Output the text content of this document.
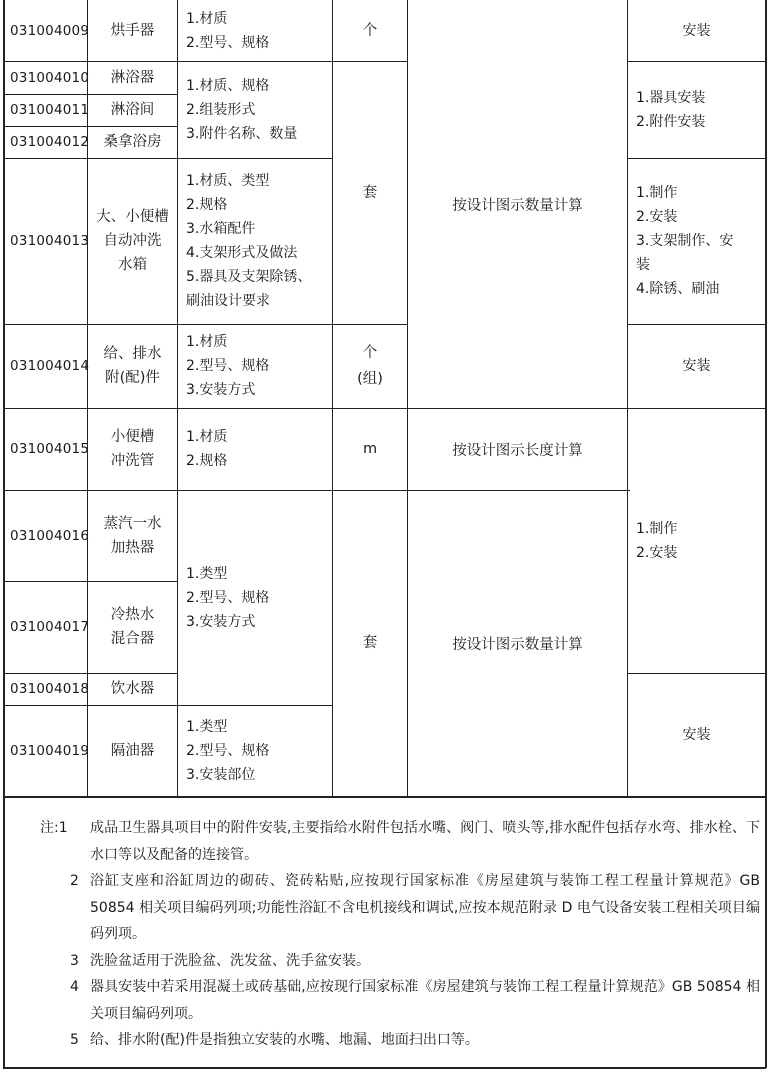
031004009
031004010
031004011
031004012
031004013
031004014
031004015
031004016
031004017
031004018
031004019
烘手器
淋浴器
淋浴间
桑拿浴房
大、小便槽
自动冲洗
水箱
给、排水
附(配)件
小便槽
冲洗管
蒸汽一水
加热器
冷热水
混合器
饮水器
隔油器
1.材质
2.型号、规格
1.材质、规格
2.组装形式
3.附件名称、数量
1.材质、类型
2.规格
3.水箱配件
4.支架形式及做法
5.器具及支架除锈、
刷油设计要求
1.材质
2.型号、规格
3.安装方式
1.材质
2.规格
1.类型
2.型号、规格
3.安装方式
1.类型
2.型号、规格
3.安装部位
个
套
个
(组)
m
套
按设计图示数量计算
按设计图示长度计算
按设计图示数量计算
安装
1.器具安装
2.附件安装
1.制作
2.安装
3.支架制作、安
装
4.除锈、刷油
安装
1.制作
2.安装
安装
注:1	成品卫生器具项目中的附件安装,主要指给水附件包括水嘴、阀门、喷头等,排水配件包括存水弯、排水栓、下水口等以及配备的连接管。
2 浴缸支座和浴缸周边的砌砖、瓷砖粘贴,应按现行国家标准《房屋建筑与装饰工程工程量计算规范》GB 50854 相关项目编码列项;功能性浴缸不含电机接线和调试,应按本规范附录 D 电气设备安装工程相关项目编码列项。
3 洗脸盆适用于洗脸盆、洗发盆、洗手盆安装。
4 器具安装中若采用混凝土或砖基础,应按现行国家标准《房屋建筑与装饰工程工程量计算规范》GB 50854 相关项目编码列项。
5 给、排水附(配)件是指独立安装的水嘴、地漏、地面扫出口等。
